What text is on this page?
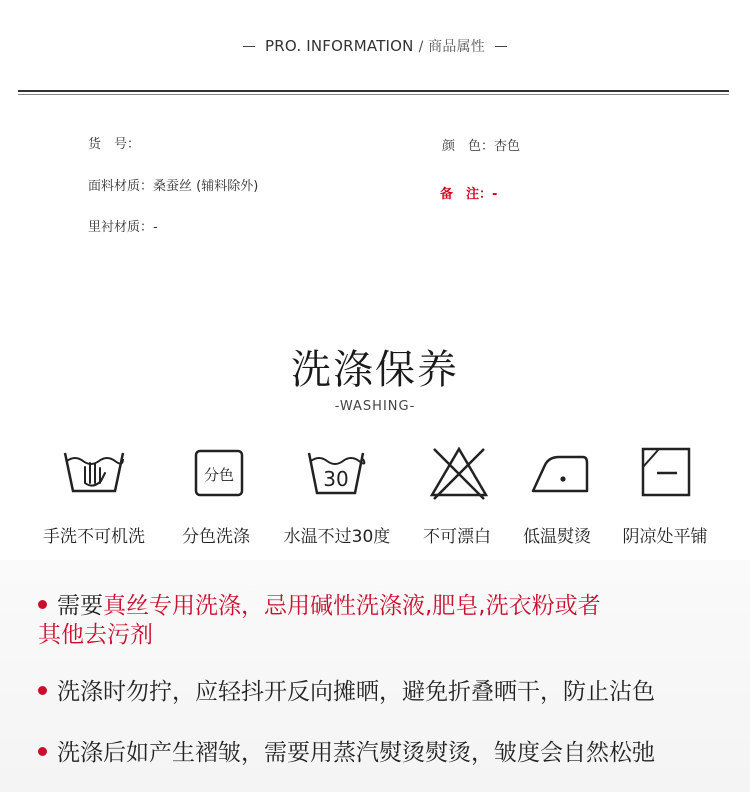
PRO. INFORMATION / 商品属性
货　号：	颜　色：杏色
面料材质：桑蚕丝 (辅料除外)
备　注：-
里衬材质：-
洗涤保养
-WASHING-
分色	30
手洗不可机洗	分色洗涤	水温不过30度	不可漂白	低温熨烫	阴凉处平铺
需要真丝专用洗涤，忌用碱性洗涤液,肥皂,洗衣粉或者
其他去污剂
洗涤时勿拧，应轻抖开反向摊晒，避免折叠晒干，防止沾色
洗涤后如产生褶皱，需要用蒸汽熨烫熨烫，皱度会自然松弛
